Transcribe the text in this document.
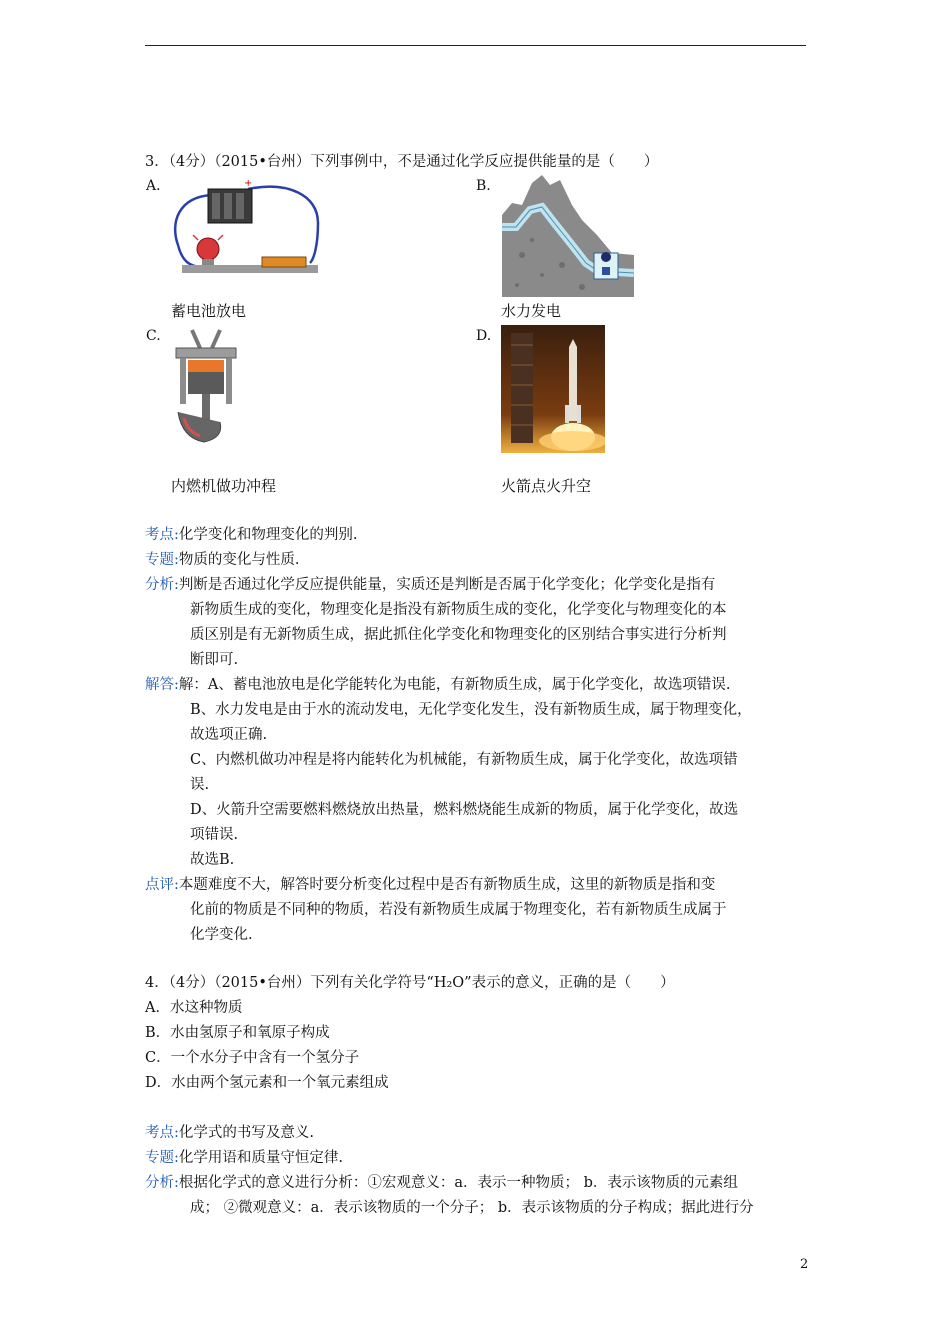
3．（4分）（2015•台州）下列事例中，不是通过化学反应提供能量的是（　　）
A.	B.
+
蓄电池放电	水力发电
C.	D.
内燃机做功冲程	火箭点火升空
考点:化学变化和物理变化的判别.
专题:物质的变化与性质.
分析:判断是否通过化学反应提供能量，实质还是判断是否属于化学变化；化学变化是指有
新物质生成的变化，物理变化是指没有新物质生成的变化，化学变化与物理变化的本
质区别是有无新物质生成，据此抓住化学变化和物理变化的区别结合事实进行分析判
断即可.
解答:解：A、蓄电池放电是化学能转化为电能，有新物质生成，属于化学变化，故选项错误.
B、水力发电是由于水的流动发电，无化学变化发生，没有新物质生成，属于物理变化，
故选项正确.
C、内燃机做功冲程是将内能转化为机械能，有新物质生成，属于化学变化，故选项错
误.
D、火箭升空需要燃料燃烧放出热量，燃料燃烧能生成新的物质，属于化学变化，故选
项错误.
故选B.
点评:本题难度不大，解答时要分析变化过程中是否有新物质生成，这里的新物质是指和变
化前的物质是不同种的物质，若没有新物质生成属于物理变化，若有新物质生成属于
化学变化.
4．（4分）（2015•台州）下列有关化学符号“H₂O”表示的意义，正确的是（　　）
A．水这种物质
B．水由氢原子和氧原子构成
C．一个水分子中含有一个氢分子
D．水由两个氢元素和一个氧元素组成
考点:化学式的书写及意义.
专题:化学用语和质量守恒定律.
分析:根据化学式的意义进行分析：①宏观意义：a．表示一种物质； b．表示该物质的元素组
成； ②微观意义：a．表示该物质的一个分子； b．表示该物质的分子构成；据此进行分
2
